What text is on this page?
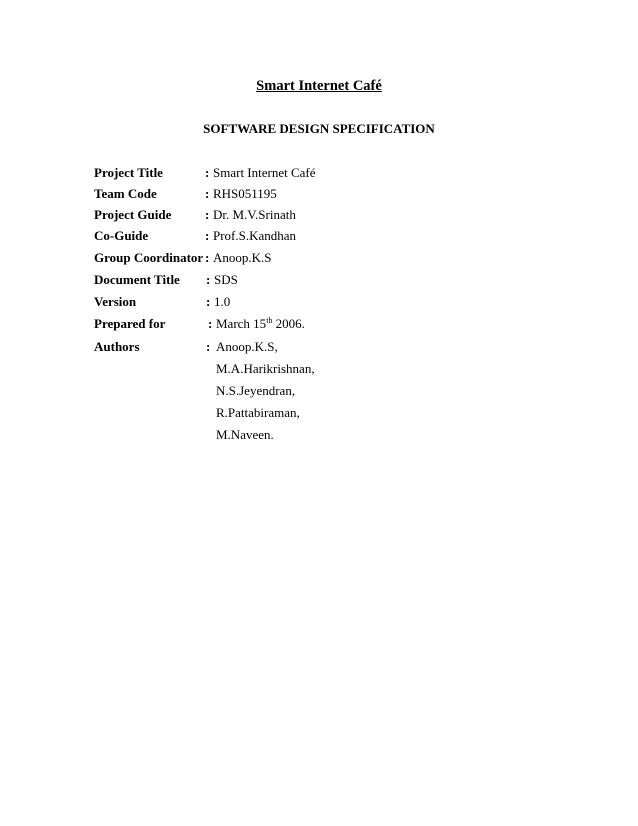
Smart Internet Café
SOFTWARE DESIGN SPECIFICATION
Project Title	: Smart Internet Café
Team Code	: RHS051195
Project Guide	: Dr. M.V.Srinath
Co-Guide	: Prof.S.Kandhan
Group Coordinator : Anoop.K.S
Document Title : SDS
Version	: 1.0
Prepared for	: March 15th 2006.
Authors	: Anoop.K.S,
M.A.Harikrishnan,
N.S.Jeyendran,
R.Pattabiraman,
M.Naveen.
